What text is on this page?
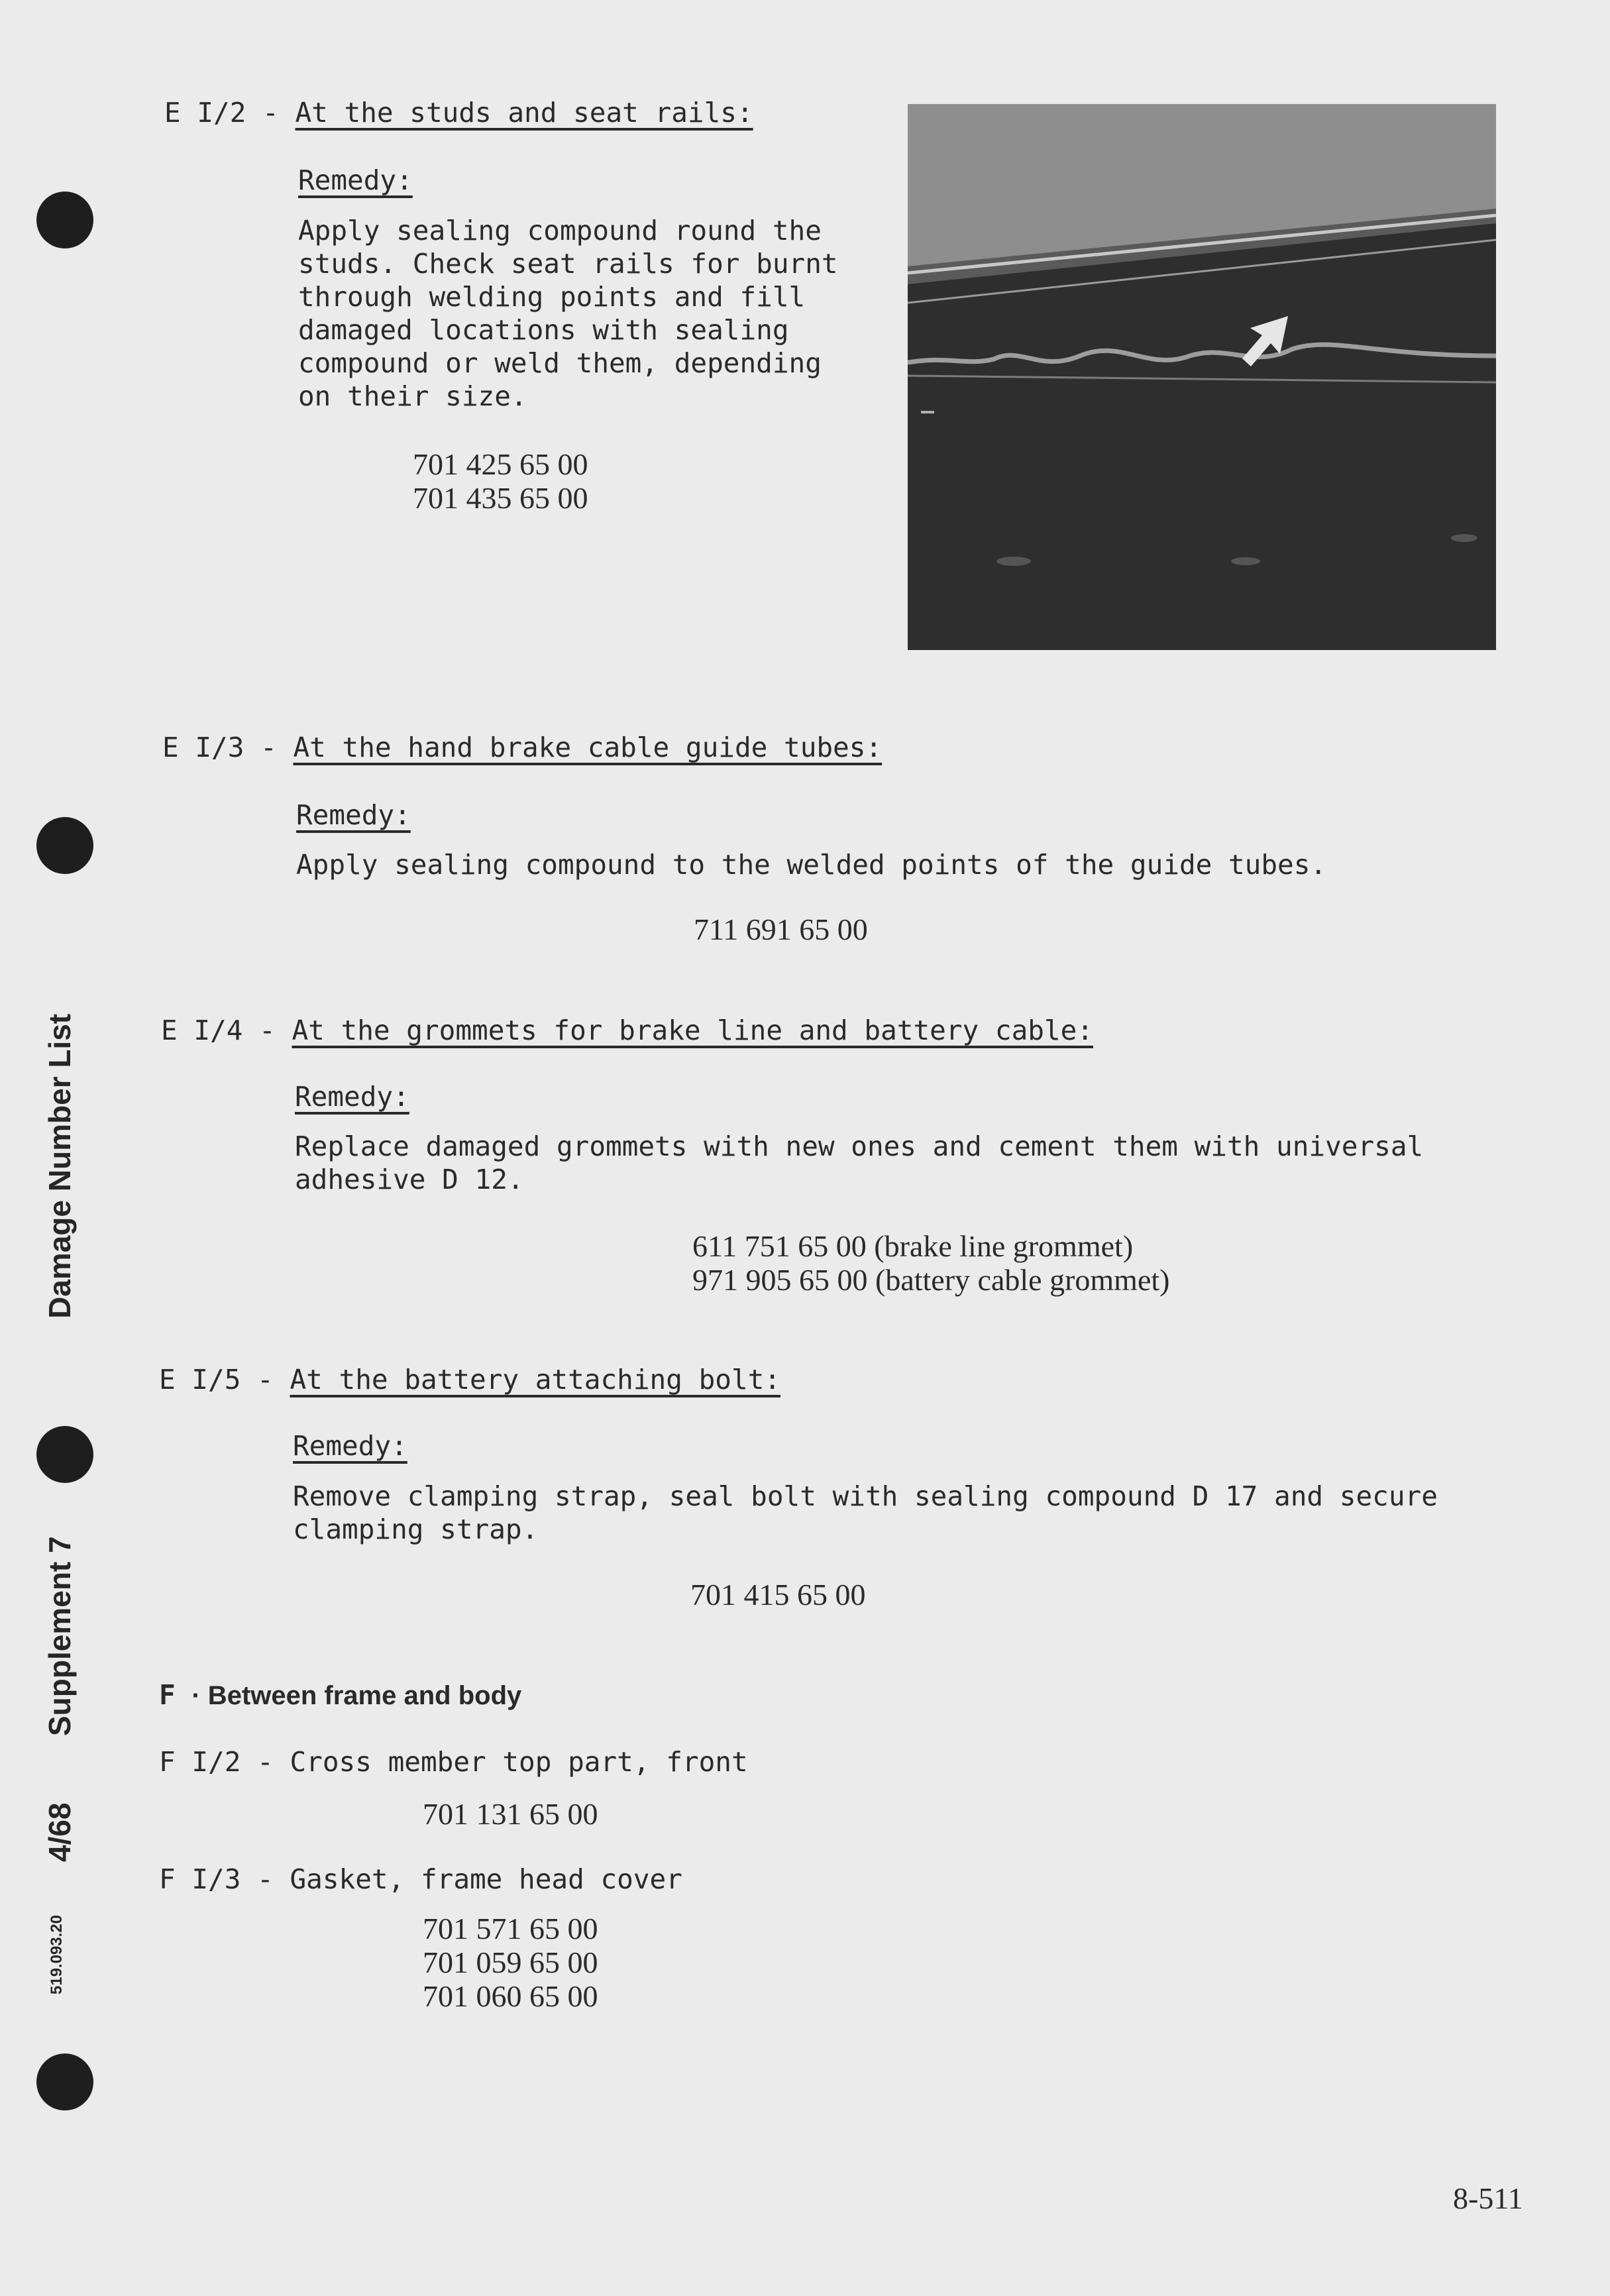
Damage Number List
Supplement 7
4/68
519.093.20
E I/2 - At the studs and seat rails:
Remedy:
Apply sealing compound round the
studs. Check seat rails for burnt
through welding points and fill
damaged locations with sealing
compound or weld them, depending
on their size.
701 425 65 00
701 435 65 00
E I/3 - At the hand brake cable guide tubes:
Remedy:
Apply sealing compound to the welded points of the guide tubes.
711 691 65 00
E I/4 - At the grommets for brake line and battery cable:
Remedy:
Replace damaged grommets with new ones and cement them with universal
adhesive D 12.
611 751 65 00 (brake line grommet)
971 905 65 00 (battery cable grommet)
E I/5 - At the battery attaching bolt:
Remedy:
Remove clamping strap, seal bolt with sealing compound D 17 and secure
clamping strap.
701 415 65 00
F · Between frame and body
F I/2 - Cross member top part, front
701 131 65 00
F I/3 - Gasket, frame head cover
701 571 65 00
701 059 65 00
701 060 65 00
8-511
